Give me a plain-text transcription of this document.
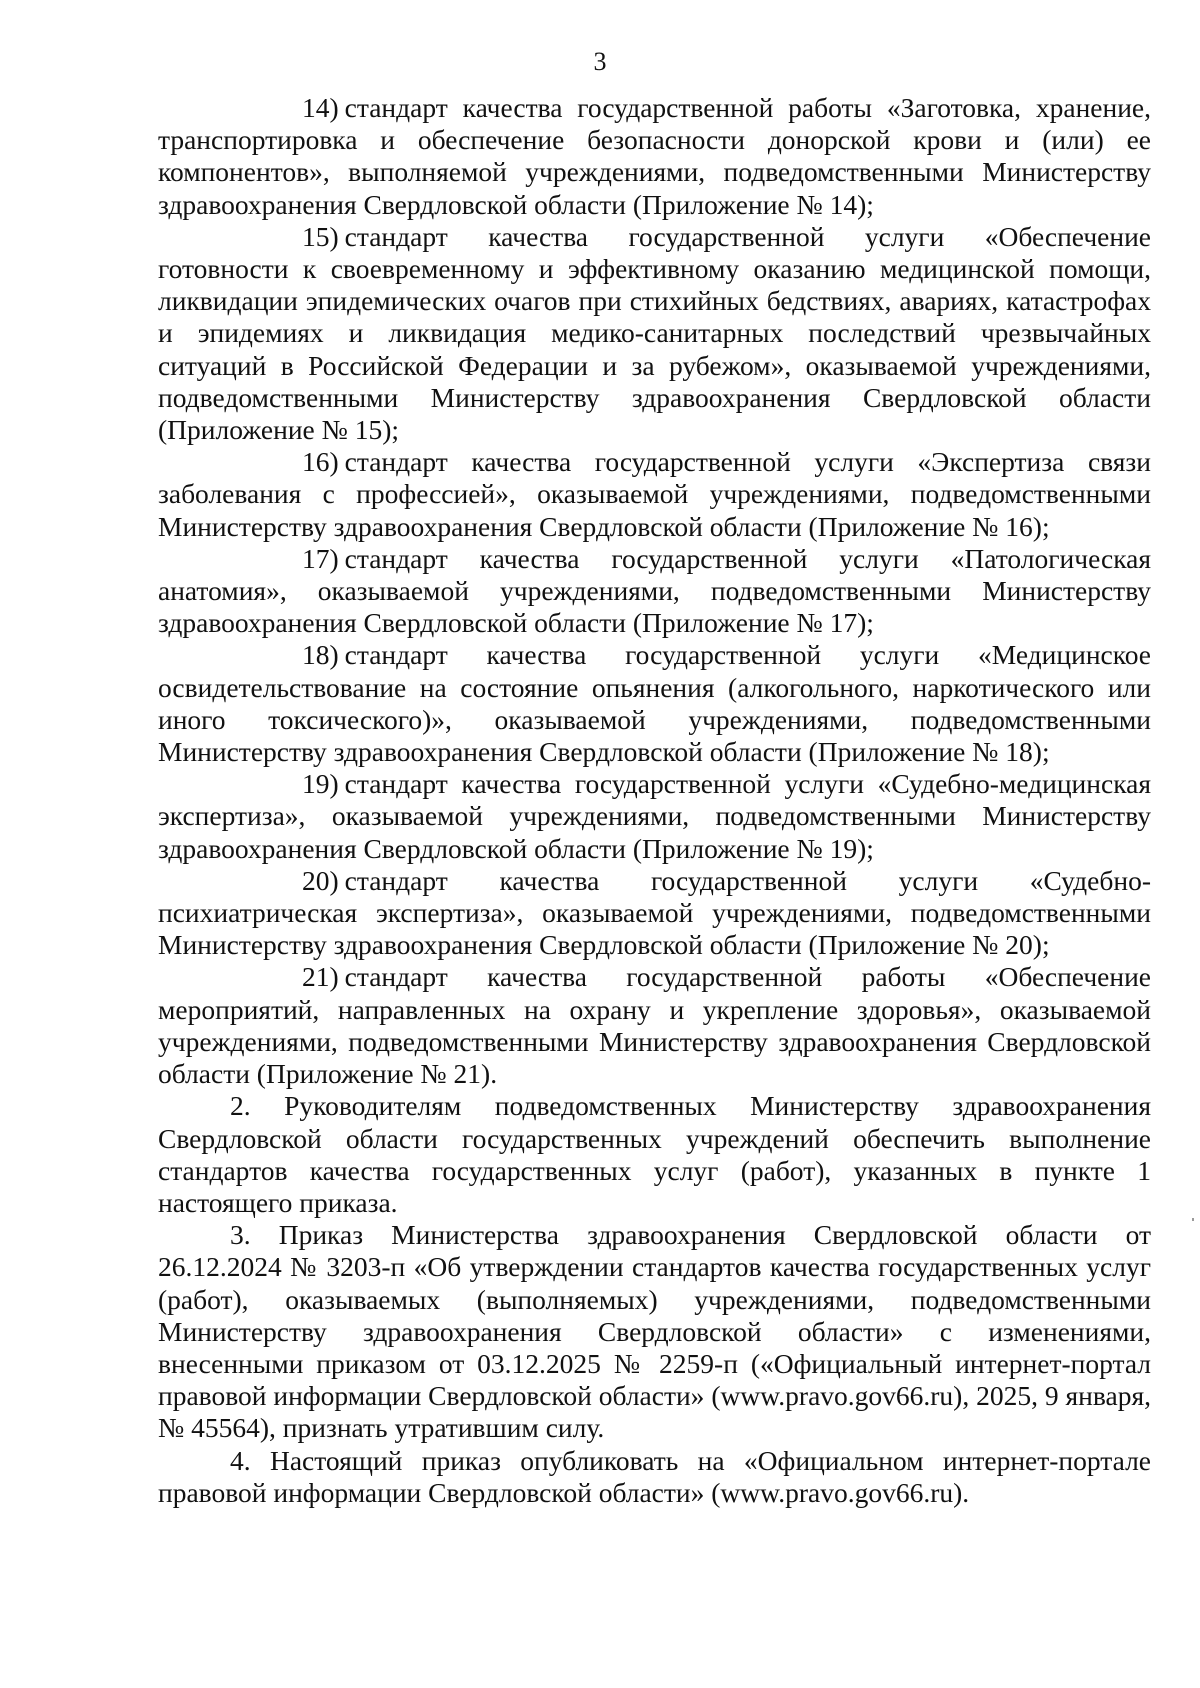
3

14) стандарт качества государственной работы «Заготовка, хранение, транспортировка и обеспечение безопасности донорской крови и (или) ее компонентов», выполняемой учреждениями, подведомственными Министерству здравоохранения Свердловской области (Приложение № 14);

15) стандарт качества государственной услуги «Обеспечение готовности к своевременному и эффективному оказанию медицинской помощи, ликвидации эпидемических очагов при стихийных бедствиях, авариях, катастрофах и эпидемиях и ликвидация медико-санитарных последствий чрезвычайных ситуаций в Российской Федерации и за рубежом», оказываемой учреждениями, подведомственными Министерству здравоохранения Свердловской области (Приложение № 15);

16) стандарт качества государственной услуги «Экспертиза связи заболевания с профессией», оказываемой учреждениями, подведомственными Министерству здравоохранения Свердловской области (Приложение № 16);

17) стандарт качества государственной услуги «Патологическая анатомия», оказываемой учреждениями, подведомственными Министерству здравоохранения Свердловской области (Приложение № 17);

18) стандарт качества государственной услуги «Медицинское освидетельствование на состояние опьянения (алкогольного, наркотического или иного токсического)», оказываемой учреждениями, подведомственными Министерству здравоохранения Свердловской области (Приложение № 18);

19) стандарт качества государственной услуги «Судебно-медицинская экспертиза», оказываемой учреждениями, подведомственными Министерству здравоохранения Свердловской области (Приложение № 19);

20) стандарт качества государственной услуги «Судебно-психиатрическая экспертиза», оказываемой учреждениями, подведомственными Министерству здравоохранения Свердловской области (Приложение № 20);

21) стандарт качества государственной работы «Обеспечение мероприятий, направленных на охрану и укрепление здоровья», оказываемой учреждениями, подведомственными Министерству здравоохранения Свердловской области (Приложение № 21).

2. Руководителям подведомственных Министерству здравоохранения Свердловской области государственных учреждений обеспечить выполнение стандартов качества государственных услуг (работ), указанных в пункте 1 настоящего приказа.

3. Приказ Министерства здравоохранения Свердловской области от 26.12.2024 № 3203-п «Об утверждении стандартов качества государственных услуг (работ), оказываемых (выполняемых) учреждениями, подведомственными Министерству здравоохранения Свердловской области» с изменениями, внесенными приказом от 03.12.2025 № 2259-п («Официальный интернет-портал правовой информации Свердловской области» (www.pravo.gov66.ru), 2025, 9 января, № 45564), признать утратившим силу.

4. Настоящий приказ опубликовать на «Официальном интернет-портале правовой информации Свердловской области» (www.pravo.gov66.ru).
